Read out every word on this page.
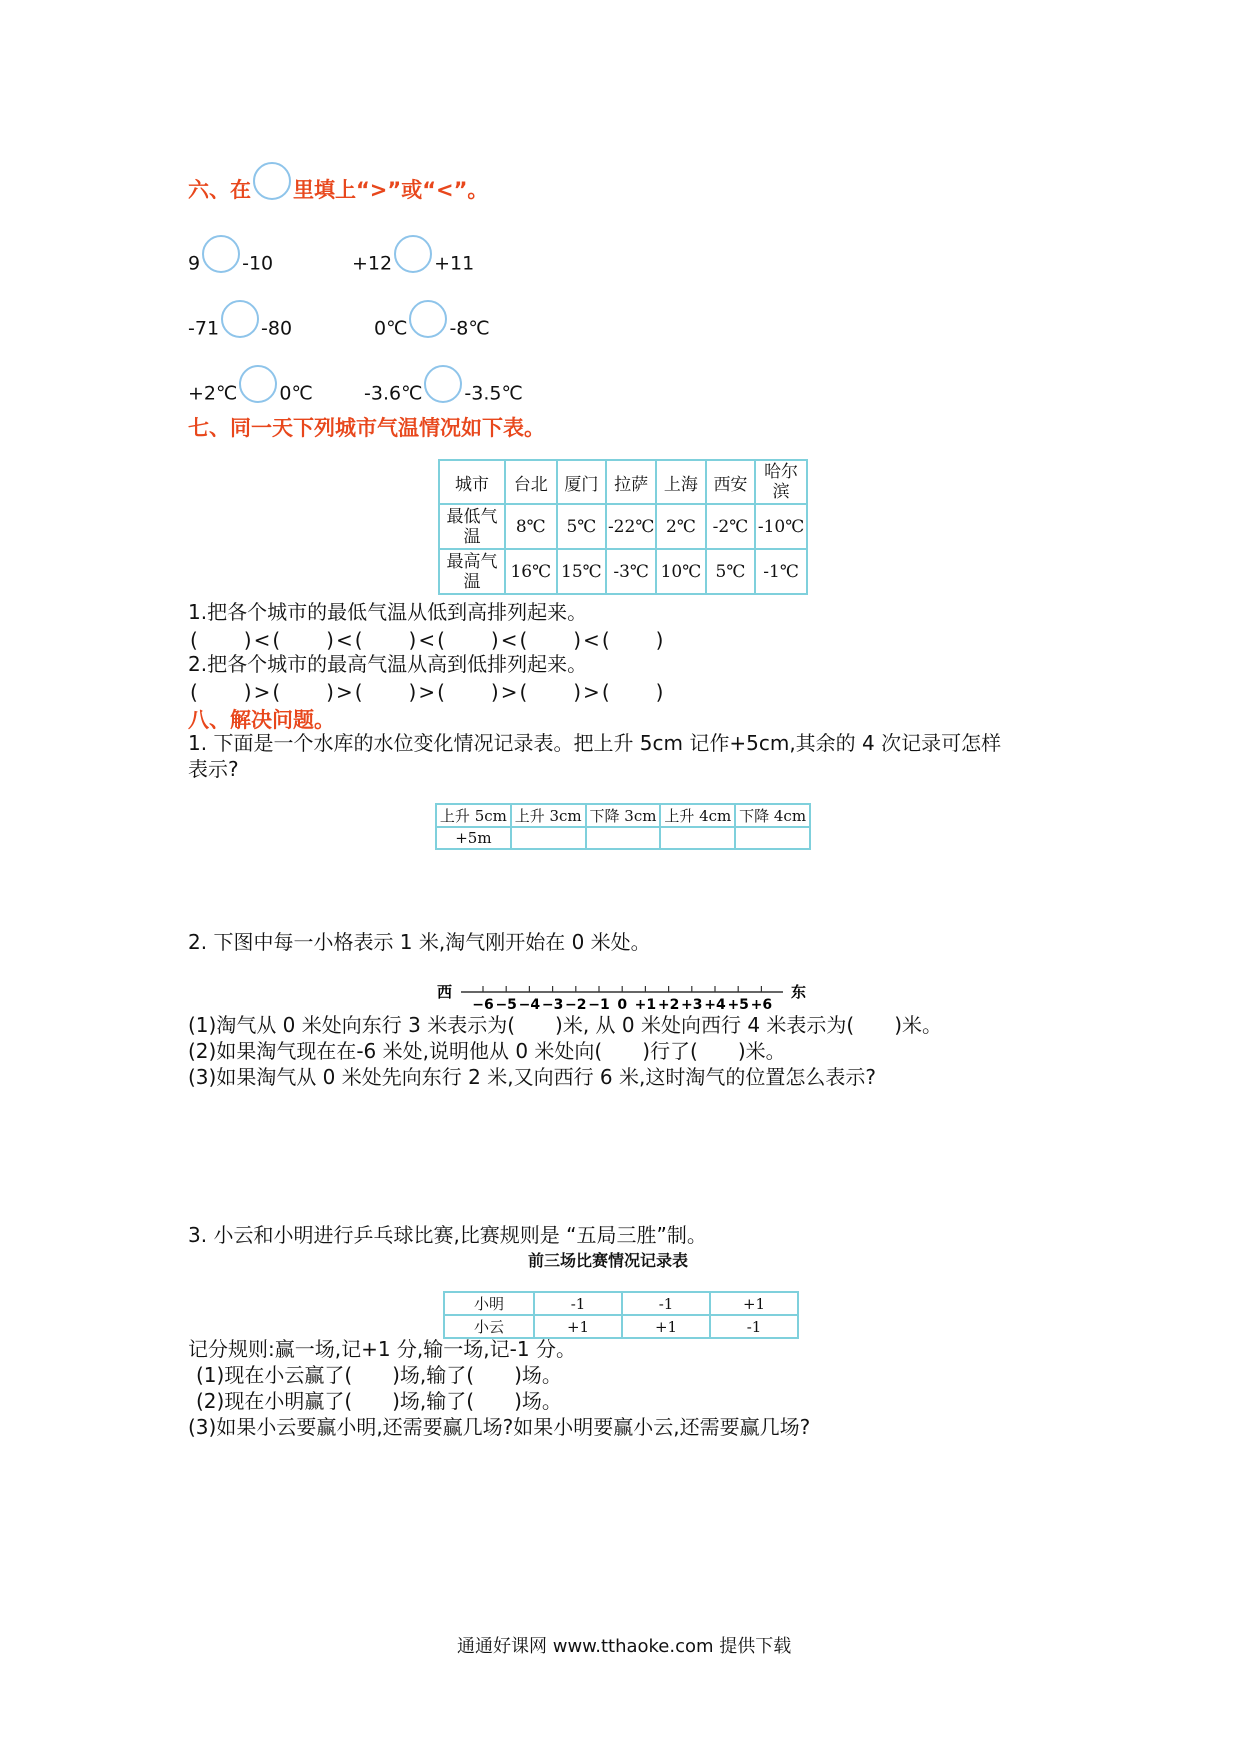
六、在 里填上“>”或“<”。
9 -10	+12 +11
-71 -80	0℃ -8℃
+2℃ 0℃	-3.6℃ -3.5℃
七、同一天下列城市气温情况如下表。
城市	台北	厦门	拉萨	上海	西安	哈尔滨
最低气温	8℃	5℃	-22℃	2℃	-2℃	-10℃
最高气温	16℃	15℃	-3℃	10℃	5℃	-1℃
1.把各个城市的最低气温从低到高排列起来。
(　　)<(　　)<(　　)<(　　)<(　　)<(　　)
2.把各个城市的最高气温从高到低排列起来。
(　　)>(　　)>(　　)>(　　)>(　　)>(　　)
八、解决问题。
1. 下面是一个水库的水位变化情况记录表。把上升 5cm 记作+5cm,其余的 4 次记录可怎样
表示?
上升 5cm	上升 3cm	下降 3cm	上升 4cm	下降 4cm
+5m				
2. 下图中每一小格表示 1 米,淘气刚开始在 0 米处。
−6 −5 −4 −3 −2 −1 0 +1 +2 +3 +4 +5 +6
西	东
(1)淘气从 0 米处向东行 3 米表示为(　　)米, 从 0 米处向西行 4 米表示为(　　)米。
(2)如果淘气现在在-6 米处,说明他从 0 米处向(　　)行了(　　)米。
(3)如果淘气从 0 米处先向东行 2 米,又向西行 6 米,这时淘气的位置怎么表示?
3. 小云和小明进行乒乓球比赛,比赛规则是 “五局三胜”制。
前三场比赛情况记录表
小明	-1	-1	+1
小云	+1	+1	-1
记分规则:赢一场,记+1 分,输一场,记-1 分。
(1)现在小云赢了(　　)场,输了(　　)场。
(2)现在小明赢了(　　)场,输了(　　)场。
(3)如果小云要赢小明,还需要赢几场?如果小明要赢小云,还需要赢几场?
通通好课网 www.tthaoke.com 提供下载
